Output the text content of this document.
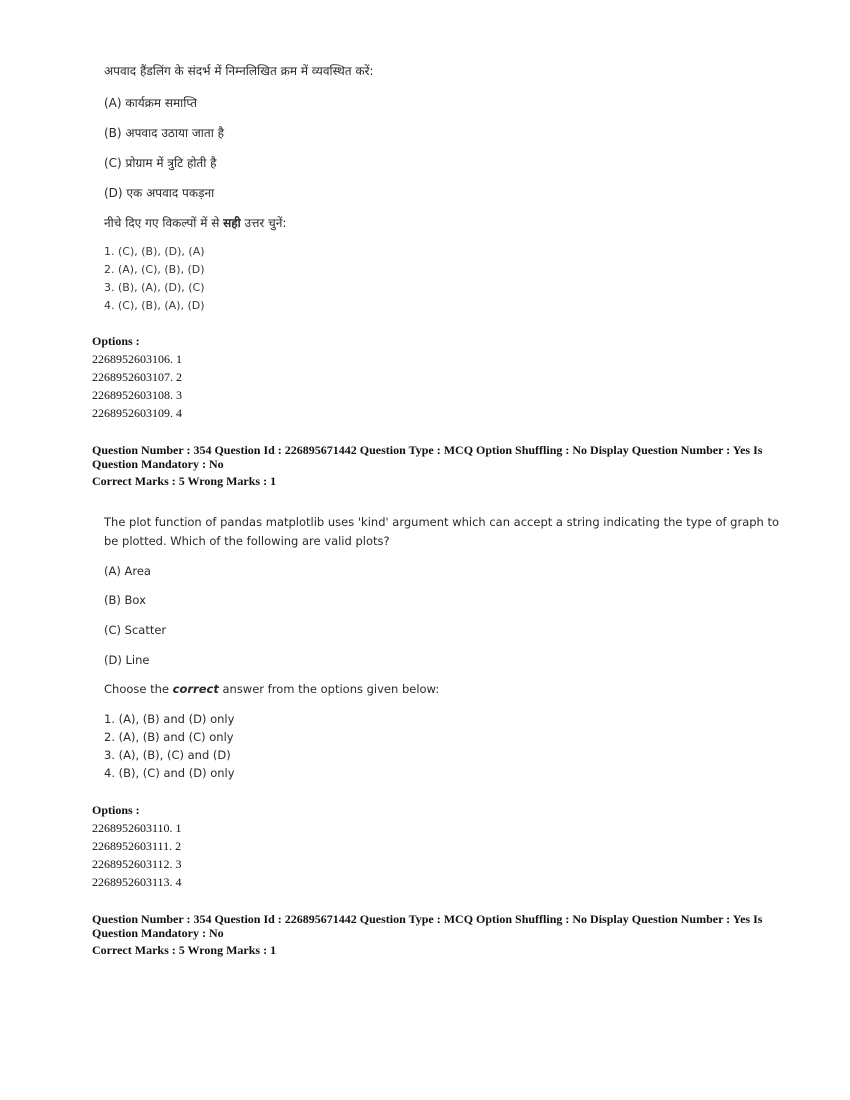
अपवाद हैंडलिंग के संदर्भ में निम्नलिखित क्रम में व्यवस्थित करें:
(A) कार्यक्रम समाप्ति
(B) अपवाद उठाया जाता है
(C) प्रोग्राम में त्रुटि होती है
(D) एक अपवाद पकड़ना
नीचे दिए गए विकल्पों में से सही उत्तर चुनें:
1. (C), (B), (D), (A)
2. (A), (C), (B), (D)
3. (B), (A), (D), (C)
4. (C), (B), (A), (D)
Options :
2268952603106. 1
2268952603107. 2
2268952603108. 3
2268952603109. 4
Question Number : 354 Question Id : 226895671442 Question Type : MCQ Option Shuffling : No Display Question Number : Yes Is
Question Mandatory : No
Correct Marks : 5 Wrong Marks : 1
The plot function of pandas matplotlib uses 'kind' argument which can accept a string indicating the type of graph to
be plotted. Which of the following are valid plots?
(A) Area
(B) Box
(C) Scatter
(D) Line
Choose the correct answer from the options given below:
1. (A), (B) and (D) only
2. (A), (B) and (C) only
3. (A), (B), (C) and (D)
4. (B), (C) and (D) only
Options :
2268952603110. 1
2268952603111. 2
2268952603112. 3
2268952603113. 4
Question Number : 354 Question Id : 226895671442 Question Type : MCQ Option Shuffling : No Display Question Number : Yes Is
Question Mandatory : No
Correct Marks : 5 Wrong Marks : 1
